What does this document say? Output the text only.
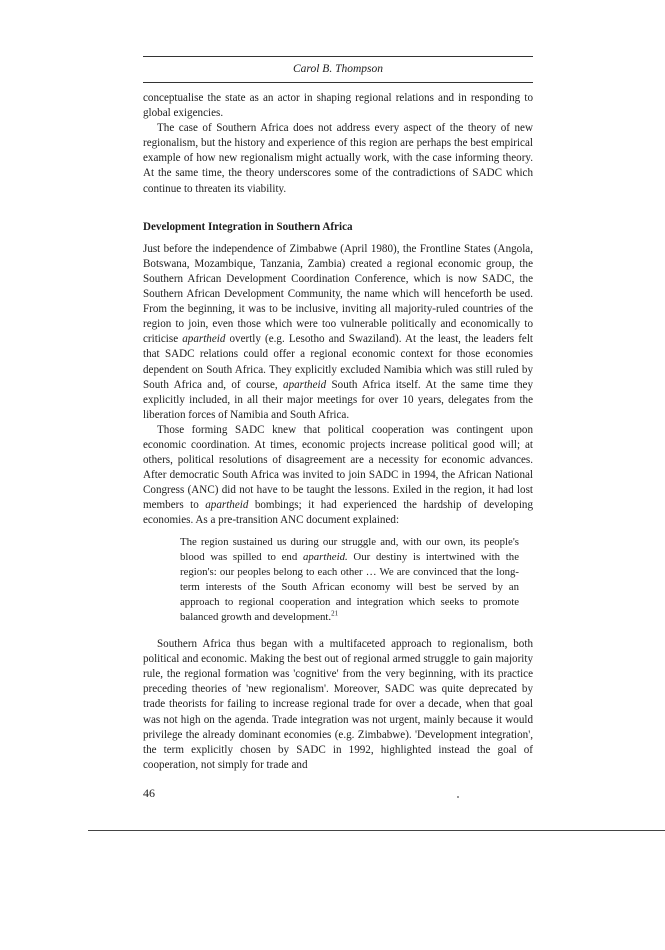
Carol B. Thompson

conceptualise the state as an actor in shaping regional relations and in responding to global exigencies.

The case of Southern Africa does not address every aspect of the theory of new regionalism, but the history and experience of this region are perhaps the best empirical example of how new regionalism might actually work, with the case informing theory. At the same time, the theory underscores some of the contradictions of SADC which continue to threaten its viability.

Development Integration in Southern Africa

Just before the independence of Zimbabwe (April 1980), the Frontline States (Angola, Botswana, Mozambique, Tanzania, Zambia) created a regional economic group, the Southern African Development Coordination Conference, which is now SADC, the Southern African Development Community, the name which will henceforth be used. From the beginning, it was to be inclusive, inviting all majority-ruled countries of the region to join, even those which were too vulnerable politically and economically to criticise apartheid overtly (e.g. Lesotho and Swaziland). At the least, the leaders felt that SADC relations could offer a regional economic context for those economies dependent on South Africa. They explicitly excluded Namibia which was still ruled by South Africa and, of course, apartheid South Africa itself. At the same time they explicitly included, in all their major meetings for over 10 years, delegates from the liberation forces of Namibia and South Africa.

Those forming SADC knew that political cooperation was contingent upon economic coordination. At times, economic projects increase political good will; at others, political resolutions of disagreement are a necessity for economic advances. After democratic South Africa was invited to join SADC in 1994, the African National Congress (ANC) did not have to be taught the lessons. Exiled in the region, it had lost members to apartheid bombings; it had experienced the hardship of developing economies. As a pre-transition ANC document explained:

The region sustained us during our struggle and, with our own, its people's blood was spilled to end apartheid. Our destiny is intertwined with the region's: our peoples belong to each other … We are convinced that the long-term interests of the South African economy will best be served by an approach to regional cooperation and integration which seeks to promote balanced growth and development.$^{21}$

Southern Africa thus began with a multifaceted approach to regionalism, both political and economic. Making the best out of regional armed struggle to gain majority rule, the regional formation was 'cognitive' from the very beginning, with its practice preceding theories of 'new regionalism'. Moreover, SADC was quite deprecated by trade theorists for failing to increase regional trade for over a decade, when that goal was not high on the agenda. Trade integration was not urgent, mainly because it would privilege the already dominant economies (e.g. Zimbabwe). 'Development integration', the term explicitly chosen by SADC in 1992, highlighted instead the goal of cooperation, not simply for trade and

46
